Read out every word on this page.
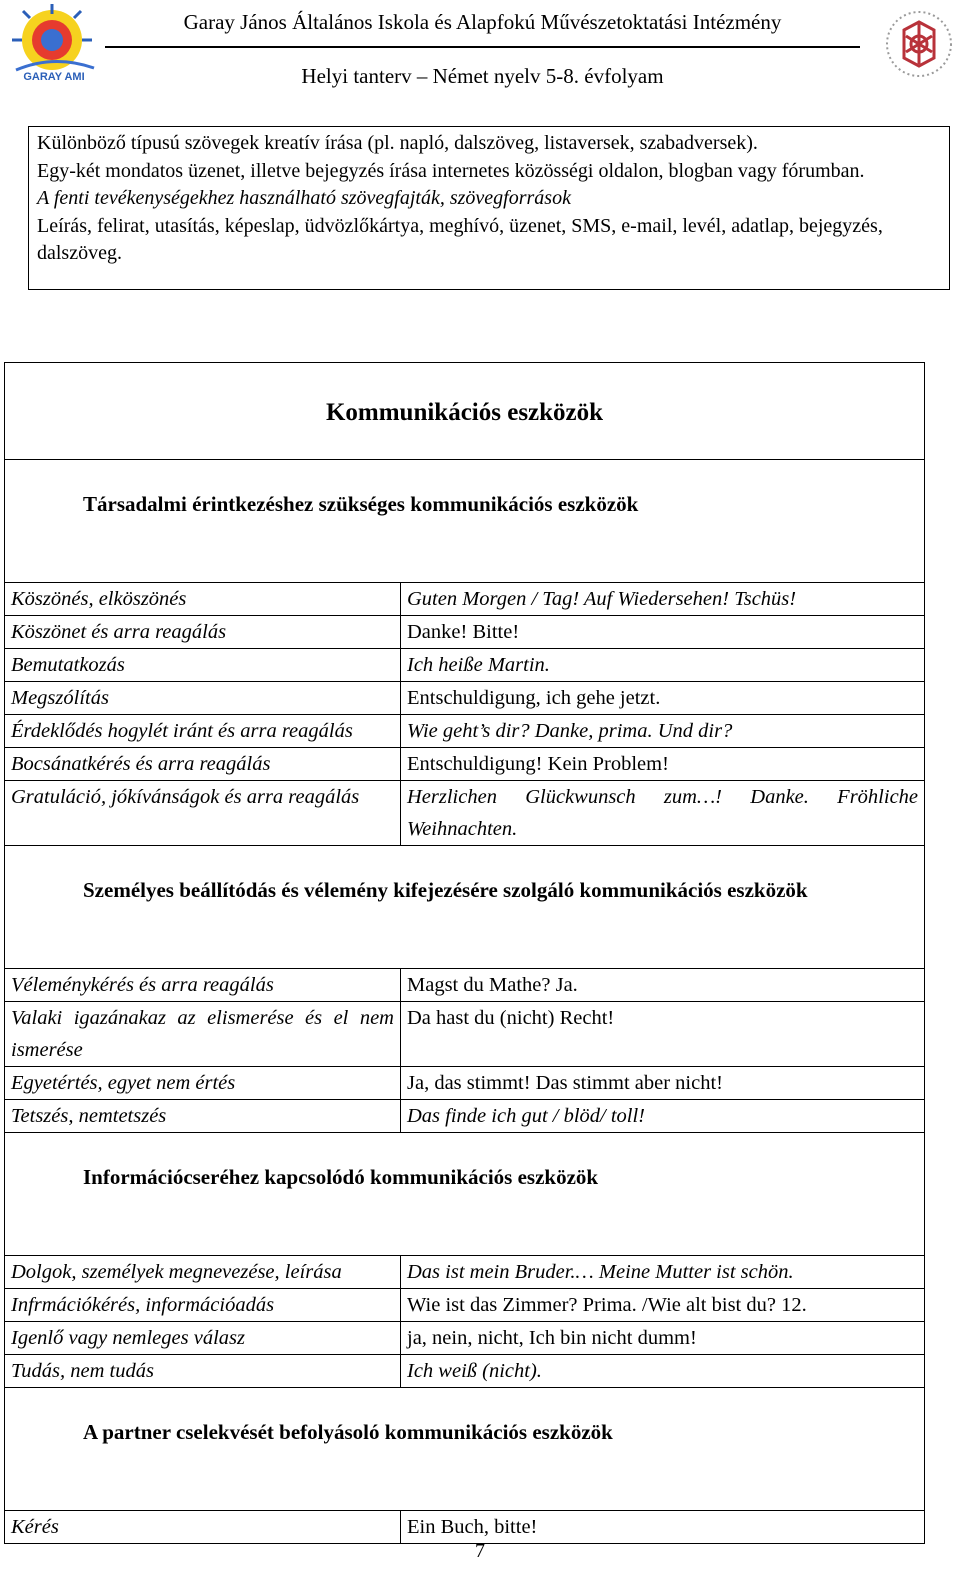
GARAY AMI
Garay János Általános Iskola és Alapfokú Művészetoktatási Intézmény
Helyi tanterv – Német nyelv 5-8. évfolyam

Különböző típusú szövegek kreatív írása (pl. napló, dalszöveg, listaversek, szabadversek).

Egy-két mondatos üzenet, illetve bejegyzés írása internetes közösségi oldalon, blogban vagy fórumban.

A fenti tevékenységekhez használható szövegfajták, szövegforrások

Leírás, felirat, utasítás, képeslap, üdvözlőkártya, meghívó, üzenet, SMS, e-mail, levél, adatlap, bejegyzés, dalszöveg.

Kommunikációs eszközök	

Társadalmi érintkezéshez szükséges kommunikációs eszközök	

Köszönés, elköszönés	Guten Morgen / Tag! Auf Wiedersehen! Tschüs!
Köszönet és arra reagálás	Danke! Bitte!
Bemutatkozás	Ich heiße Martin.
Megszólítás	Entschuldigung, ich gehe jetzt.
Érdeklődés hogylét iránt és arra reagálás	Wie geht’s dir? Danke, prima. Und dir?
Bocsánatkérés és arra reagálás	Entschuldigung! Kein Problem!
Gratuláció, jókívánságok és arra reagálás	Herzlichen Glückwunsch zum…! Danke. Fröhliche Weihnachten.

Személyes beállítódás és vélemény kifejezésére szolgáló kommunikációs eszközök	

Véleménykérés és arra reagálás	Magst du Mathe? Ja.
Valaki igazánakaz az elismerése és el nem ismerése	Da hast du (nicht) Recht!
Egyetértés, egyet nem értés	Ja, das stimmt! Das stimmt aber nicht!
Tetszés, nemtetszés	Das finde ich gut / blöd/ toll!

Információcseréhez kapcsolódó kommunikációs eszközök	

Dolgok, személyek megnevezése, leírása	Das ist mein Bruder.… Meine Mutter ist schön.
Infrmációkérés, információadás	Wie ist das Zimmer? Prima. /Wie alt bist du? 12.
Igenlő vagy nemleges válasz	ja, nein, nicht, Ich bin nicht dumm!
Tudás, nem tudás	Ich weiß (nicht).

A partner cselekvését befolyásoló kommunikációs eszközök	

Kérés	Ein Buch, bitte!
7
